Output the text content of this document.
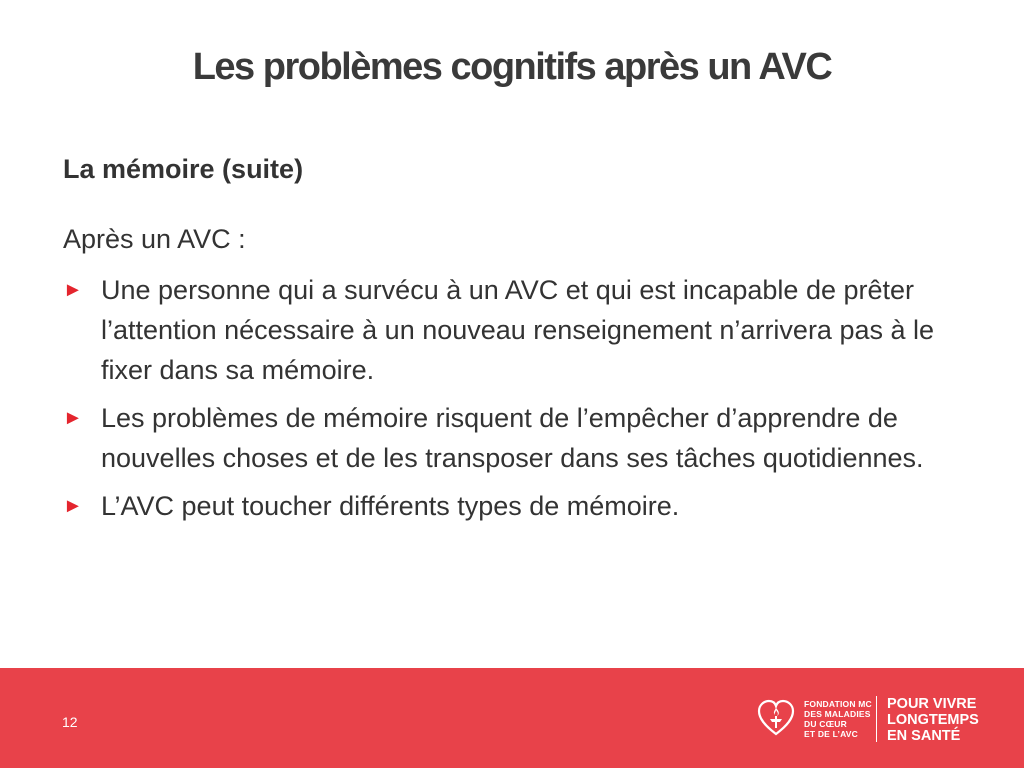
Les problèmes cognitifs après un AVC
La mémoire (suite)

Après un AVC :

► Une personne qui a survécu à un AVC et qui est incapable de prêter l’attention nécessaire à un nouveau renseignement n’arrivera pas à le fixer dans sa mémoire.
► Les problèmes de mémoire risquent de l’empêcher d’apprendre de nouvelles choses et de les transposer dans ses tâches quotidiennes.
► L’AVC peut toucher différents types de mémoire.
12
FONDATION MC
DES MALADIES
DU CŒUR
ET DE L’AVC
POUR VIVRE
LONGTEMPS
EN SANTÉ
